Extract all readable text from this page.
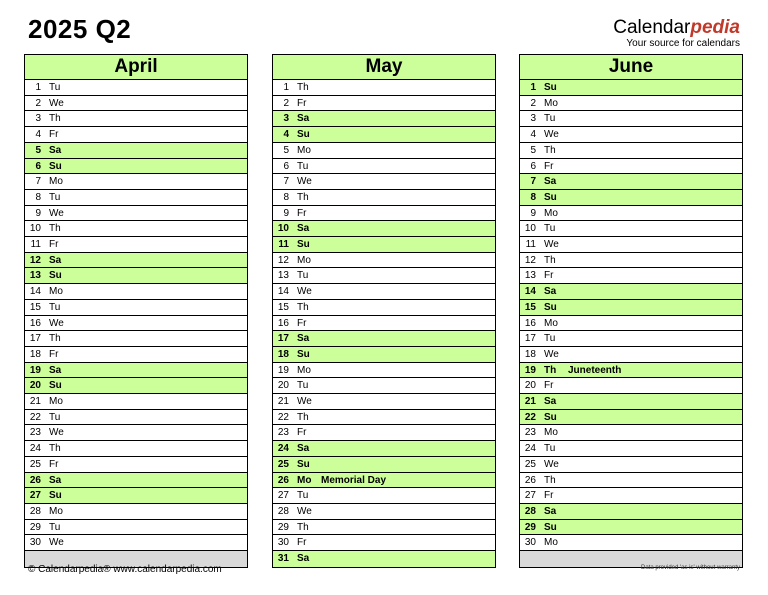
2025 Q2	Calendarpedia
Your source for calendars
April
1 Tu
2 We
3 Th
4 Fr
5 Sa
6 Su
7 Mo
8 Tu
9 We
10 Th
11 Fr
12 Sa
13 Su
14 Mo
15 Tu
16 We
17 Th
18 Fr
19 Sa
20 Su
21 Mo
22 Tu
23 We
24 Th
25 Fr
26 Sa
27 Su
28 Mo
29 Tu
30 We
May
1 Th
2 Fr
3 Sa
4 Su
5 Mo
6 Tu
7 We
8 Th
9 Fr
10 Sa
11 Su
12 Mo
13 Tu
14 We
15 Th
16 Fr
17 Sa
18 Su
19 Mo
20 Tu
21 We
22 Th
23 Fr
24 Sa
25 Su
26 Mo Memorial Day
27 Tu
28 We
29 Th
30 Fr
31 Sa
June
1 Su
2 Mo
3 Tu
4 We
5 Th
6 Fr
7 Sa
8 Su
9 Mo
10 Tu
11 We
12 Th
13 Fr
14 Sa
15 Su
16 Mo
17 Tu
18 We
19 Th Juneteenth
20 Fr
21 Sa
22 Su
23 Mo
24 Tu
25 We
26 Th
27 Fr
28 Sa
29 Su
30 Mo
© Calendarpedia® www.calendarpedia.com	Data provided 'as is' without warranty
